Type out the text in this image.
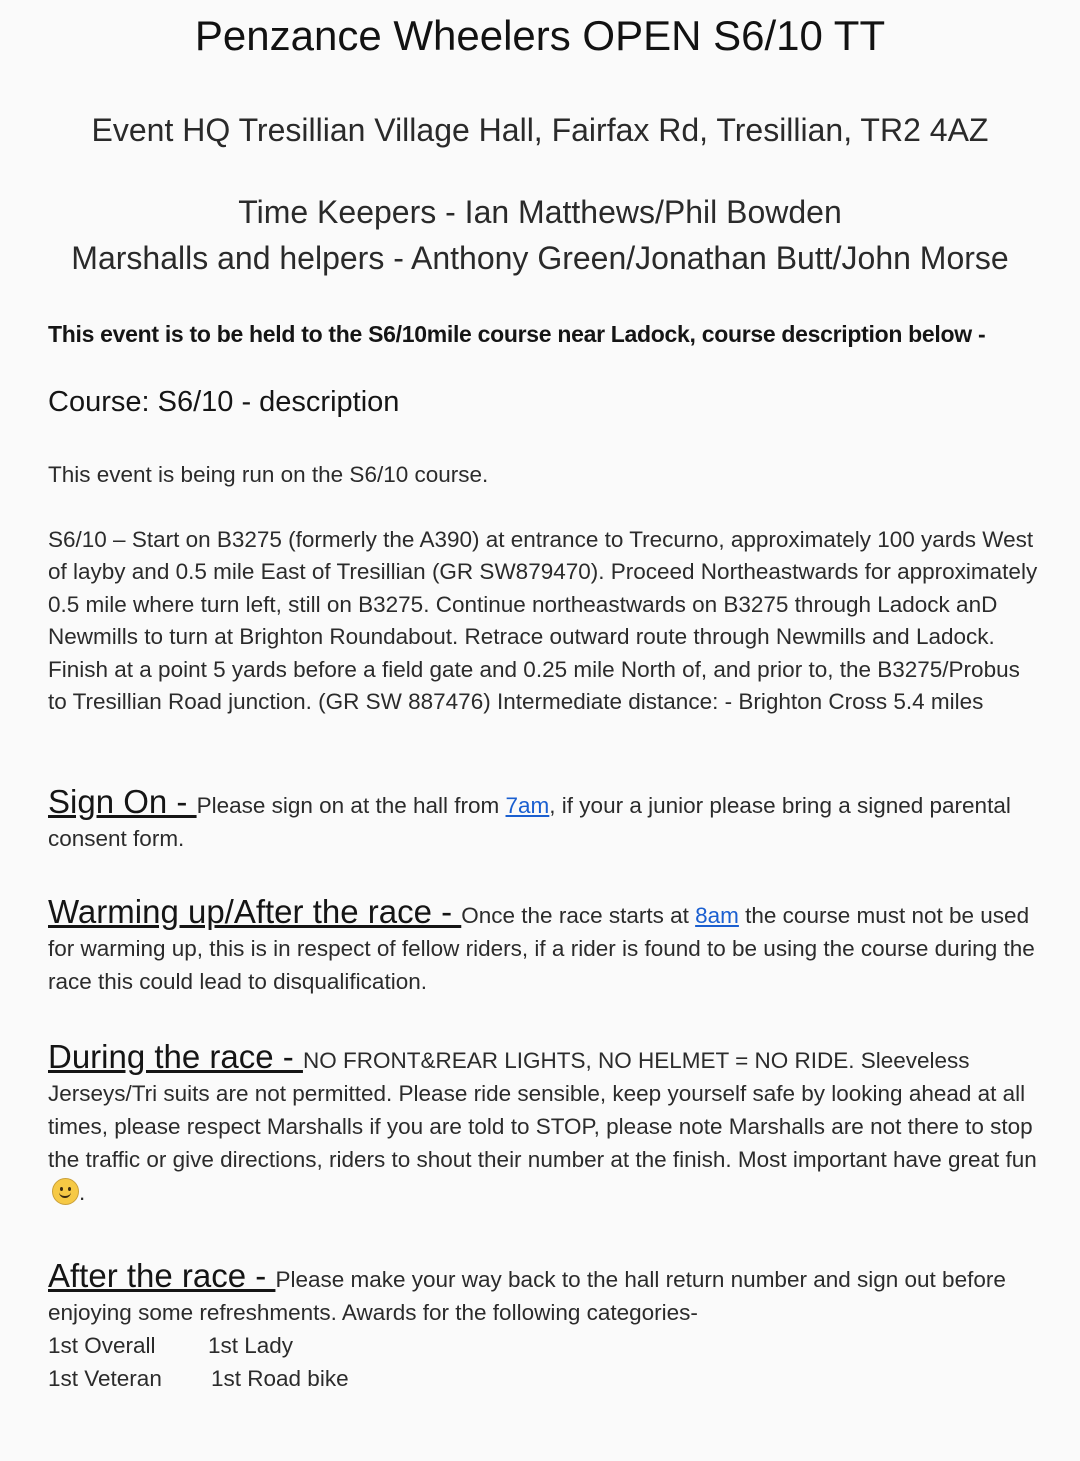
Penzance Wheelers OPEN S6/10 TT
Event HQ Tresillian Village Hall, Fairfax Rd, Tresillian, TR2 4AZ
Time Keepers - Ian Matthews/Phil Bowden
Marshalls and helpers - Anthony Green/Jonathan Butt/John Morse
This event is to be held to the S6/10mile course near Ladock, course description below -
Course: S6/10 - description
This event is being run on the S6/10 course.
S6/10 – Start on B3275 (formerly the A390) at entrance to Trecurno, approximately 100 yards West of layby and 0.5 mile East of Tresillian (GR SW879470). Proceed Northeastwards for approximately 0.5 mile where turn left, still on B3275. Continue northeastwards on B3275 through Ladock anD Newmills to turn at Brighton Roundabout. Retrace outward route through Newmills and Ladock. Finish at a point 5 yards before a field gate and 0.25 mile North of, and prior to, the B3275/Probus to Tresillian Road junction. (GR SW 887476) Intermediate distance: - Brighton Cross 5.4 miles
Sign On - Please sign on at the hall from 7am, if your a junior please bring a signed parental consent form.
Warming up/After the race - Once the race starts at 8am the course must not be used for warming up, this is in respect of fellow riders, if a rider is found to be using the course during the race this could lead to disqualification.
During the race - NO FRONT&REAR LIGHTS, NO HELMET = NO RIDE. Sleeveless Jerseys/Tri suits are not permitted. Please ride sensible, keep yourself safe by looking ahead at all times, please respect Marshalls if you are told to STOP, please note Marshalls are not there to stop the traffic or give directions, riders to shout their number at the finish. Most important have great fun .
After the race - Please make your way back to the hall return number and sign out before enjoying some refreshments. Awards for the following categories-
1st Overall 1st Lady
1st Veteran 1st Road bike
